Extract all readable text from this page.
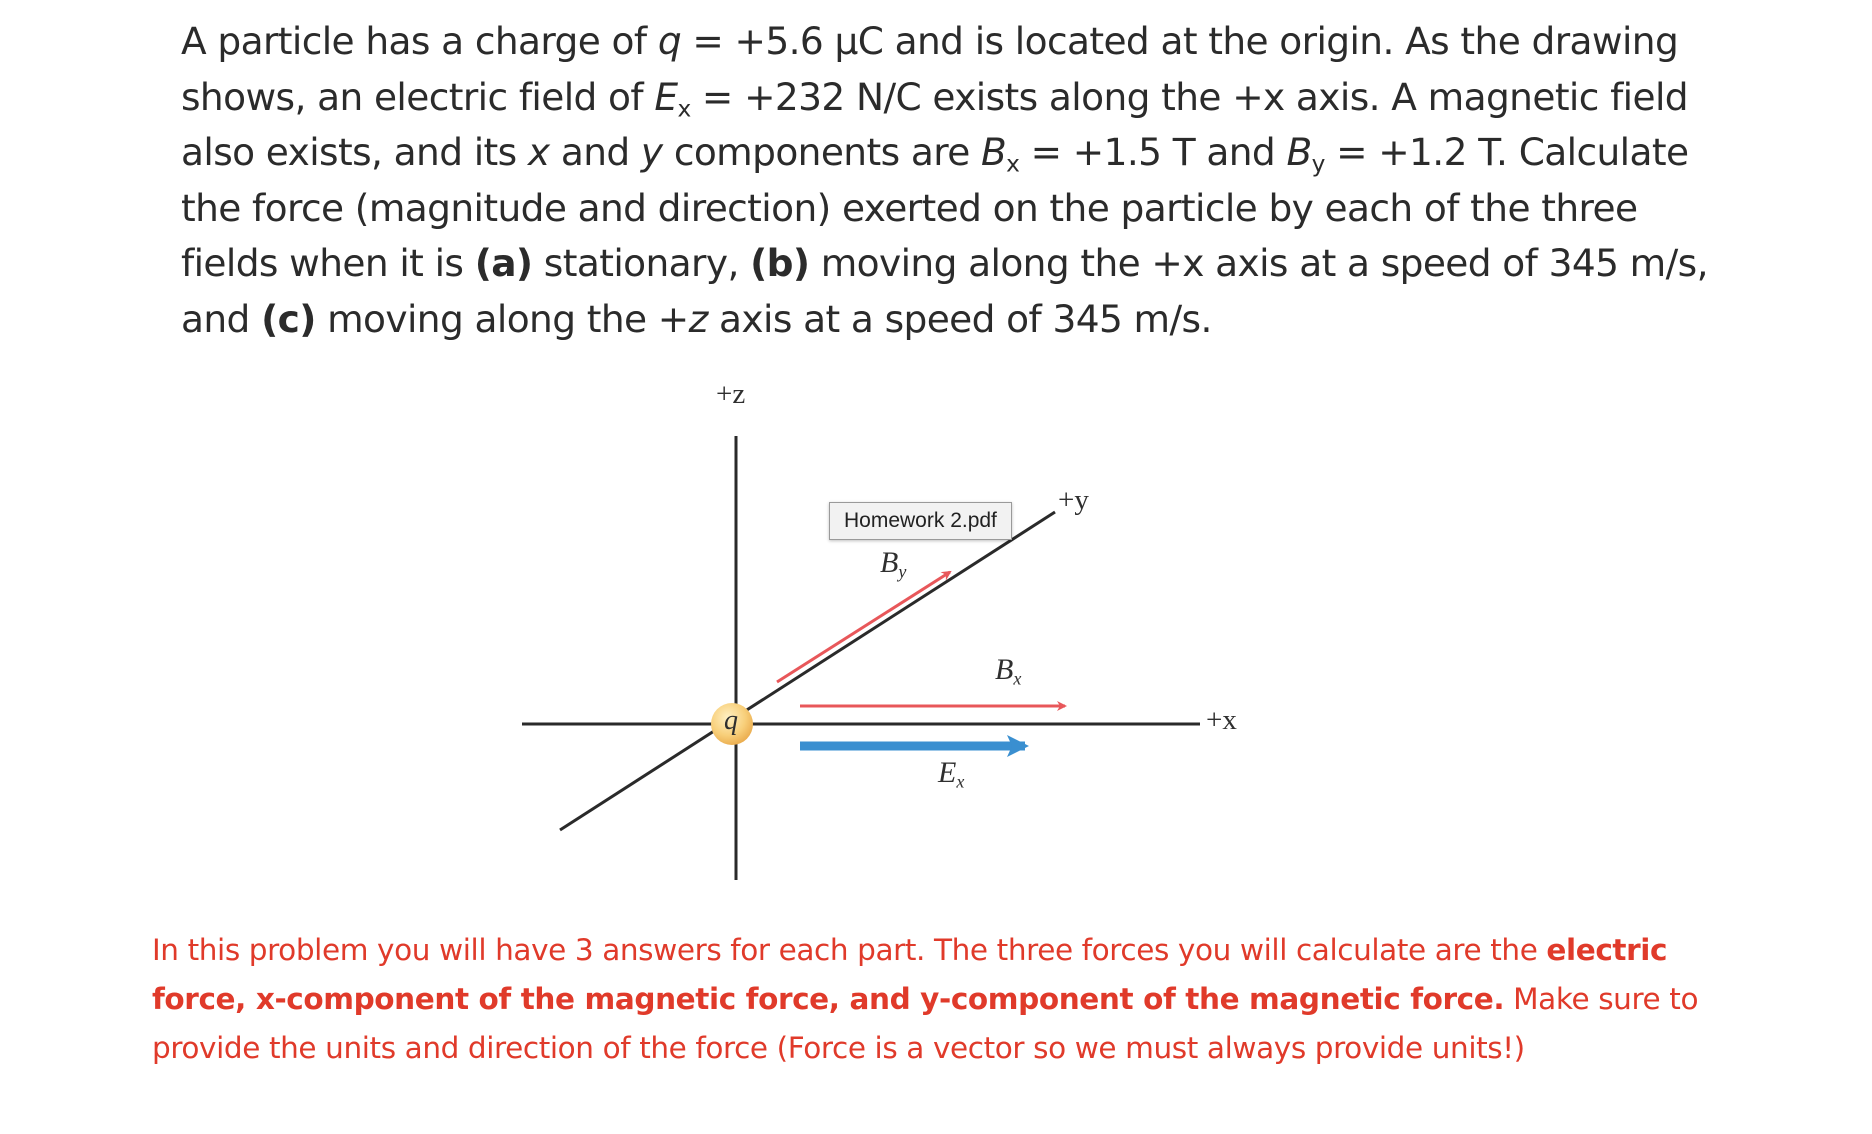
A particle has a charge of q = +5.6 μC and is located at the origin. As the drawing
shows, an electric field of $E_x = +232$ N/C exists along the +x axis. A magnetic field
also exists, and its x and y components are $B_x = +1.5$ T and $B_y = +1.2$ T. Calculate
the force (magnitude and direction) exerted on the particle by each of the three
fields when it is (a) stationary, (b) moving along the +x axis at a speed of 345 m/s,
and (c) moving along the +z axis at a speed of 345 m/s.
+z
+y
+x
q
$B_y$
$B_x$
$E_x$
Homework 2.pdf
In this problem you will have 3 answers for each part. The three forces you will calculate are the electric
force, x-component of the magnetic force, and y-component of the magnetic force. Make sure to
provide the units and direction of the force (Force is a vector so we must always provide units!)
